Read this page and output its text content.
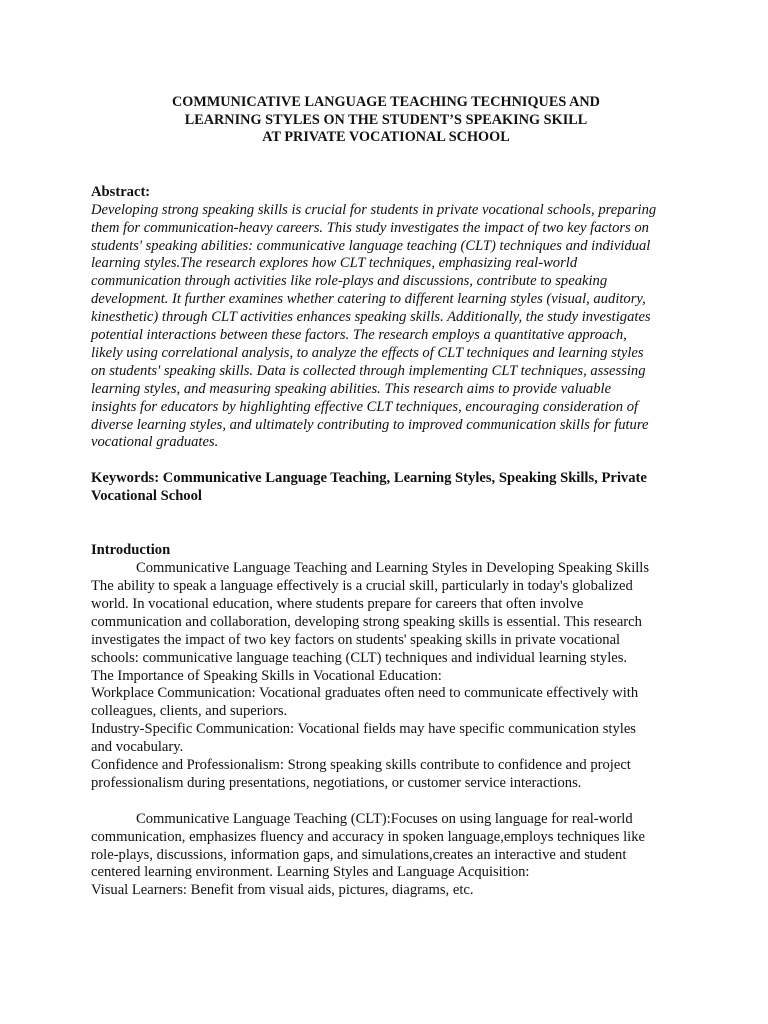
COMMUNICATIVE LANGUAGE TEACHING TECHNIQUES AND
LEARNING STYLES ON THE STUDENT’S SPEAKING SKILL
AT PRIVATE VOCATIONAL SCHOOL
Abstract:
Developing strong speaking skills is crucial for students in private vocational schools, preparing
them for communication-heavy careers. This study investigates the impact of two key factors on
students' speaking abilities: communicative language teaching (CLT) techniques and individual
learning styles.The research explores how CLT techniques, emphasizing real-world
communication through activities like role-plays and discussions, contribute to speaking
development. It further examines whether catering to different learning styles (visual, auditory,
kinesthetic) through CLT activities enhances speaking skills. Additionally, the study investigates
potential interactions between these factors. The research employs a quantitative approach,
likely using correlational analysis, to analyze the effects of CLT techniques and learning styles
on students' speaking skills. Data is collected through implementing CLT techniques, assessing
learning styles, and measuring speaking abilities. This research aims to provide valuable
insights for educators by highlighting effective CLT techniques, encouraging consideration of
diverse learning styles, and ultimately contributing to improved communication skills for future
vocational graduates.
Keywords: Communicative Language Teaching, Learning Styles, Speaking Skills, Private
Vocational School
Introduction
Communicative Language Teaching and Learning Styles in Developing Speaking Skills
The ability to speak a language effectively is a crucial skill, particularly in today's globalized
world. In vocational education, where students prepare for careers that often involve
communication and collaboration, developing strong speaking skills is essential. This research
investigates the impact of two key factors on students' speaking skills in private vocational
schools: communicative language teaching (CLT) techniques and individual learning styles.
The Importance of Speaking Skills in Vocational Education:
Workplace Communication: Vocational graduates often need to communicate effectively with
colleagues, clients, and superiors.
Industry-Specific Communication: Vocational fields may have specific communication styles
and vocabulary.
Confidence and Professionalism: Strong speaking skills contribute to confidence and project
professionalism during presentations, negotiations, or customer service interactions.
Communicative Language Teaching (CLT):Focuses on using language for real-world
communication, emphasizes fluency and accuracy in spoken language,employs techniques like
role-plays, discussions, information gaps, and simulations,creates an interactive and student
centered learning environment. Learning Styles and Language Acquisition:
Visual Learners: Benefit from visual aids, pictures, diagrams, etc.
